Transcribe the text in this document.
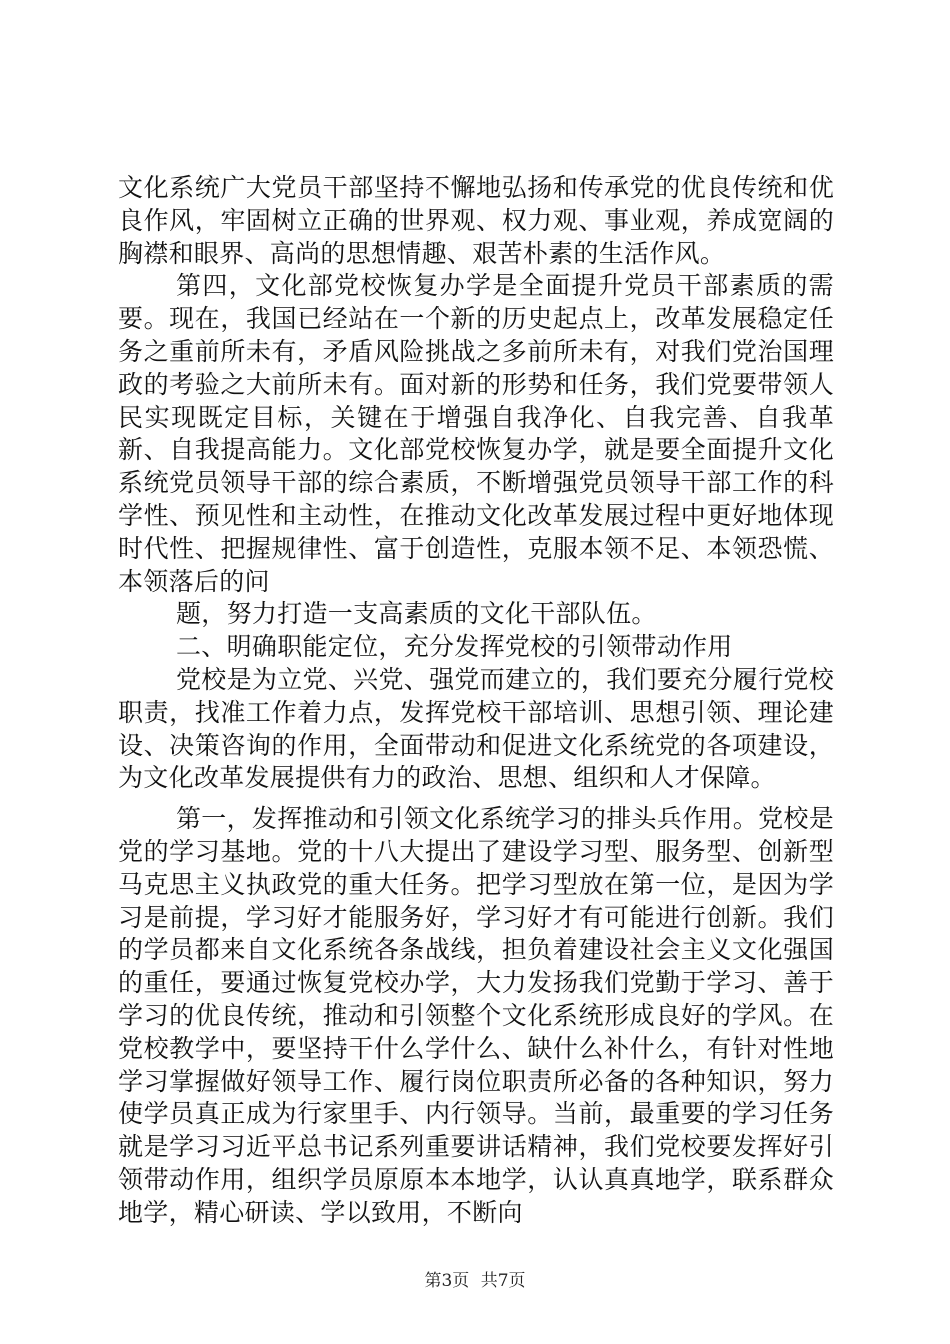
文化系统广大党员干部坚持不懈地弘扬和传承党的优良传统和优良作风，牢固树立正确的世界观、权力观、事业观，养成宽阔的胸襟和眼界、高尚的思想情趣、艰苦朴素的生活作风。

第四，文化部党校恢复办学是全面提升党员干部素质的需要。现在，我国已经站在一个新的历史起点上，改革发展稳定任务之重前所未有，矛盾风险挑战之多前所未有，对我们党治国理政的考验之大前所未有。面对新的形势和任务，我们党要带领人民实现既定目标，关键在于增强自我净化、自我完善、自我革新、自我提高能力。文化部党校恢复办学，就是要全面提升文化系统党员领导干部的综合素质，不断增强党员领导干部工作的科学性、预见性和主动性，在推动文化改革发展过程中更好地体现时代性、把握规律性、富于创造性，克服本领不足、本领恐慌、本领落后的问

题，努力打造一支高素质的文化干部队伍。

二、明确职能定位，充分发挥党校的引领带动作用

党校是为立党、兴党、强党而建立的，我们要充分履行党校职责，找准工作着力点，发挥党校干部培训、思想引领、理论建设、决策咨询的作用，全面带动和促进文化系统党的各项建设，为文化改革发展提供有力的政治、思想、组织和人才保障。

第一，发挥推动和引领文化系统学习的排头兵作用。党校是党的学习基地。党的十八大提出了建设学习型、服务型、创新型马克思主义执政党的重大任务。把学习型放在第一位，是因为学习是前提，学习好才能服务好，学习好才有可能进行创新。我们的学员都来自文化系统各条战线，担负着建设社会主义文化强国的重任，要通过恢复党校办学，大力发扬我们党勤于学习、善于学习的优良传统，推动和引领整个文化系统形成良好的学风。在党校教学中，要坚持干什么学什么、缺什么补什么，有针对性地学习掌握做好领导工作、履行岗位职责所必备的各种知识，努力使学员真正成为行家里手、内行领导。当前，最重要的学习任务就是学习习近平总书记系列重要讲话精神，我们党校要发挥好引领带动作用，组织学员原原本本地学，认认真真地学，联系群众地学，精心研读、学以致用，不断向

第3页 共7页
